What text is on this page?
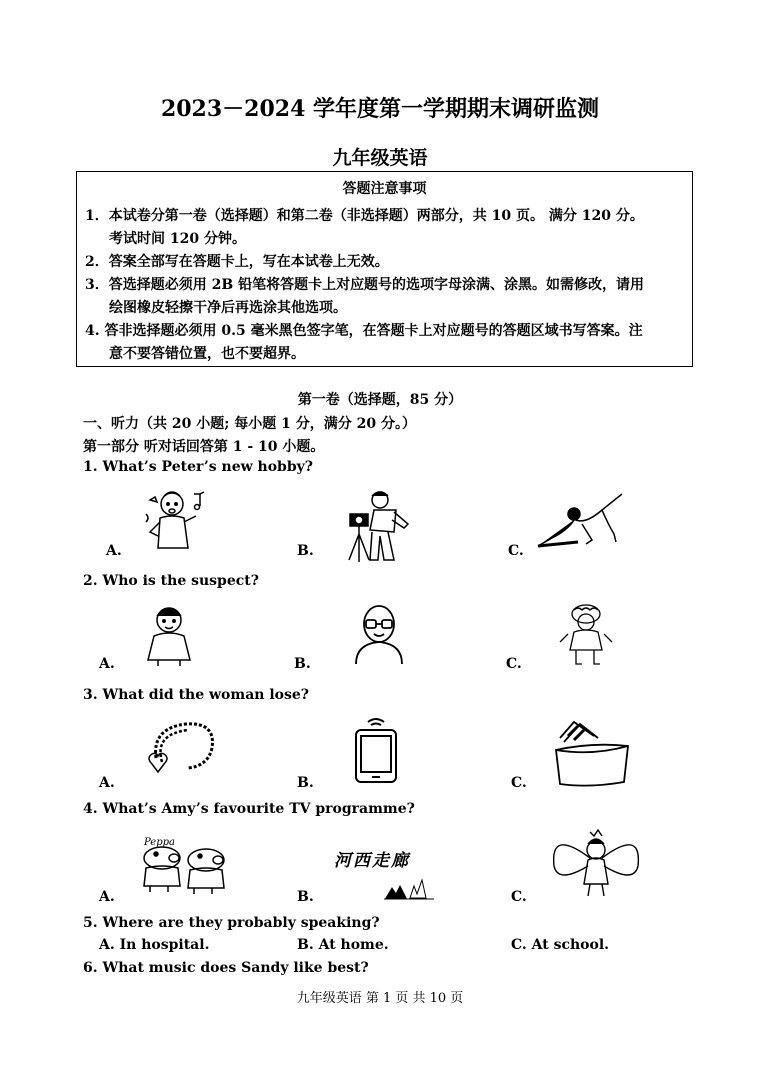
2023－2024 学年度第一学期期末调研监测
九年级英语
答题注意事项
1．本试卷分第一卷（选择题）和第二卷（非选择题）两部分，共 10 页。 满分 120 分。
考试时间 120 分钟。
2．答案全部写在答题卡上，写在本试卷上无效。
3．答选择题必须用 2B 铅笔将答题卡上对应题号的选项字母涂满、涂黑。如需修改，请用
绘图橡皮轻擦干净后再选涂其他选项。
4. 答非选择题必须用 0.5 毫米黑色签字笔，在答题卡上对应题号的答题区域书写答案。注
意不要答错位置，也不要超界。
第一卷（选择题，85 分）
一、听力（共 20 小题; 每小题 1 分，满分 20 分。）
第一部分 听对话回答第 1 - 10 小题。
1. What’s Peter’s new hobby?
A.	B.	C.
2. Who is the suspect?
A.	B.	C.
3. What did the woman lose?
A.	B.	C.
4. What’s Amy’s favourite TV programme?
A.	B.	C.
Peppa
河西走廊
5. Where are they probably speaking?
A. In hospital.	B. At home.	C. At school.
6. What music does Sandy like best?
九年级英语 第 1 页 共 10 页
